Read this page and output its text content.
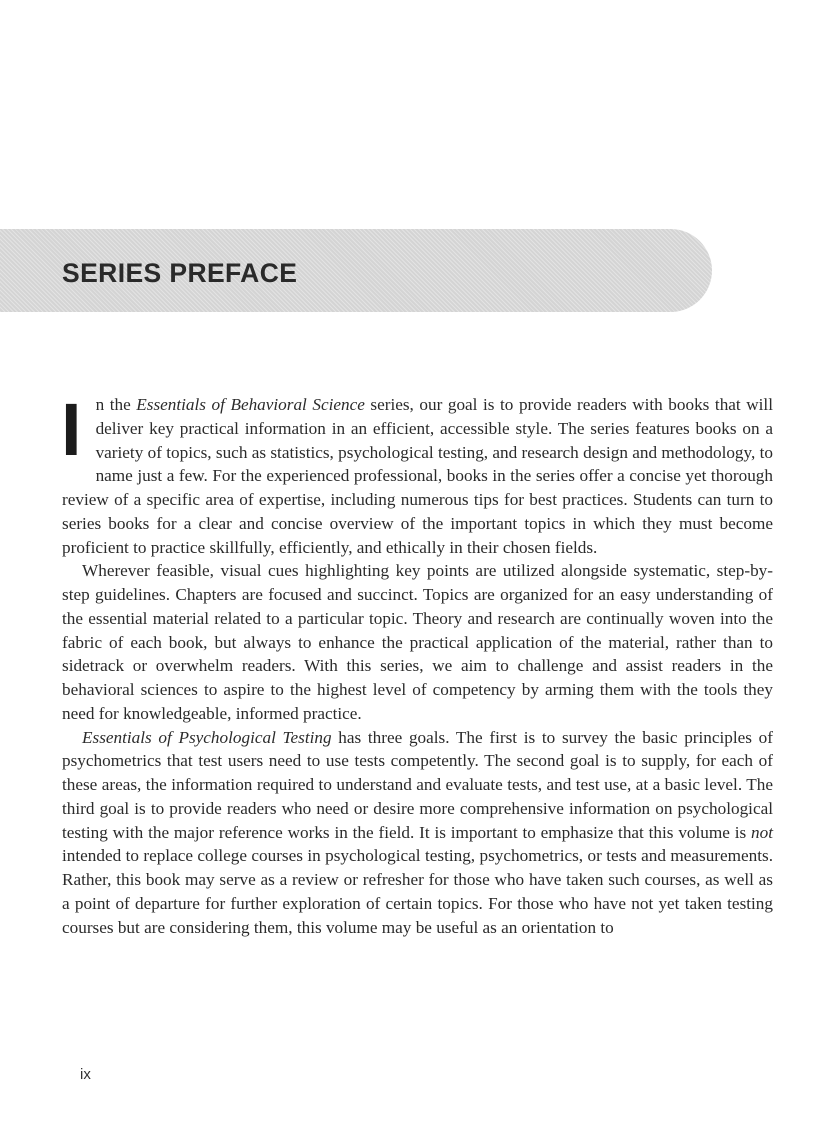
SERIES PREFACE

In the Essentials of Behavioral Science series, our goal is to provide readers with books that will deliver key practical information in an efficient, accessible style. The series features books on a variety of topics, such as statistics, psychological testing, and research design and methodology, to name just a few. For the experienced professional, books in the series offer a concise yet thorough review of a specific area of expertise, including numerous tips for best practices. Students can turn to series books for a clear and concise overview of the important topics in which they must become proficient to practice skillfully, efficiently, and ethically in their chosen fields.

Wherever feasible, visual cues highlighting key points are utilized alongside systematic, step-by-step guidelines. Chapters are focused and succinct. Topics are organized for an easy understanding of the essential material related to a particular topic. Theory and research are continually woven into the fabric of each book, but always to enhance the practical application of the material, rather than to sidetrack or overwhelm readers. With this series, we aim to challenge and assist readers in the behavioral sciences to aspire to the highest level of competency by arming them with the tools they need for knowledgeable, informed practice.

Essentials of Psychological Testing has three goals. The first is to survey the basic principles of psychometrics that test users need to use tests competently. The second goal is to supply, for each of these areas, the information required to understand and evaluate tests, and test use, at a basic level. The third goal is to provide readers who need or desire more comprehensive information on psychological testing with the major reference works in the field. It is important to emphasize that this volume is not intended to replace college courses in psychological testing, psychometrics, or tests and measurements. Rather, this book may serve as a review or refresher for those who have taken such courses, as well as a point of departure for further exploration of certain topics. For those who have not yet taken testing courses but are considering them, this volume may be useful as an orientation to

ix
